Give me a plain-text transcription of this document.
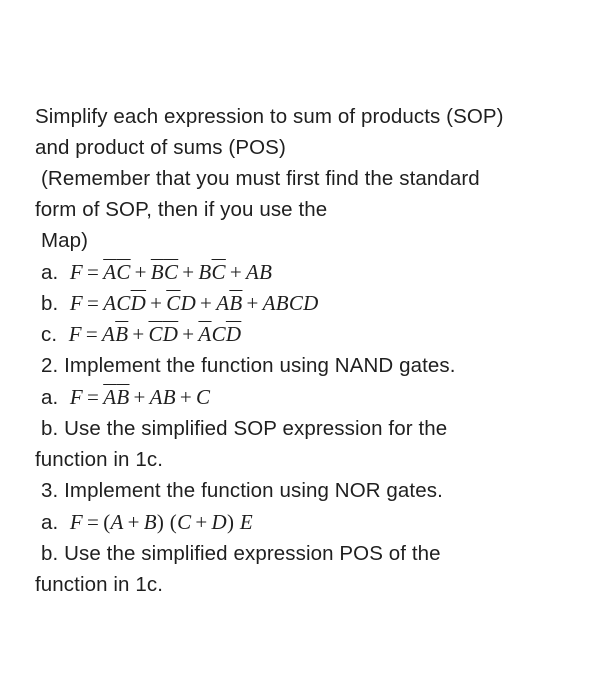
Simplify each expression to sum of products (SOP)
and product of sums (POS)
(Remember that you must first find the standard
form of SOP, then if you use the
Map)
a. $F = \overline{A}\overline{C} + \overline{B}\overline{C} + B\overline{C}$ + AB
b. $F = AC\overline{D} + \overline{C}D + A\overline{B}$ + ABCD
c. $F = A\overline{B} + \overline{C}\overline{D} + \overline{A}C\overline{D}$
2. Implement the function using NAND gates.
a. $F = \overline{A}\overline{B}$ + AB + C
b. Use the simplified SOP expression for the
function in 1c.
3. Implement the function using NOR gates.
a. F = (A + B) (C + D) E
b. Use the simplified expression POS of the
function in 1c.
